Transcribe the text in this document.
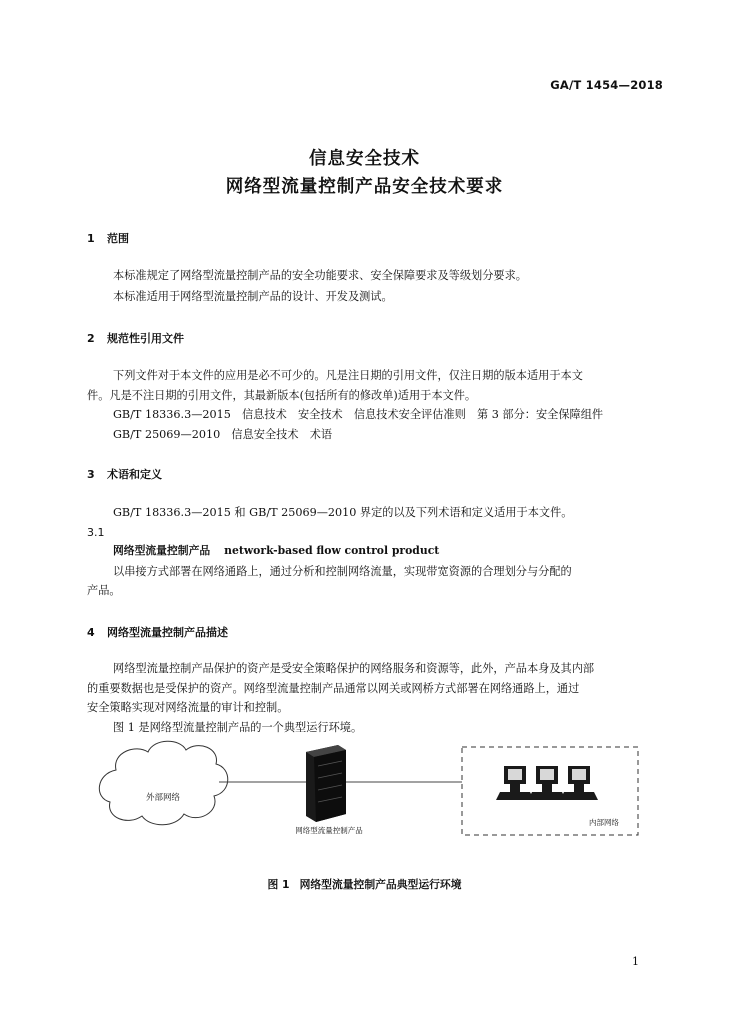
GA/T 1454—2018
信息安全技术
网络型流量控制产品安全技术要求
1 范围
本标准规定了网络型流量控制产品的安全功能要求、安全保障要求及等级划分要求。
本标准适用于网络型流量控制产品的设计、开发及测试。
2 规范性引用文件
下列文件对于本文件的应用是必不可少的。凡是注日期的引用文件，仅注日期的版本适用于本文
件。凡是不注日期的引用文件，其最新版本(包括所有的修改单)适用于本文件。
GB/T 18336.3—2015　信息技术　安全技术　信息技术安全评估准则　第 3 部分：安全保障组件
GB/T 25069—2010　信息安全技术　术语
3 术语和定义
GB/T 18336.3—2015 和 GB/T 25069—2010 界定的以及下列术语和定义适用于本文件。
3.1
网络型流量控制产品 network-based flow control product
以串接方式部署在网络通路上，通过分析和控制网络流量，实现带宽资源的合理划分与分配的
产品。
4 网络型流量控制产品描述
网络型流量控制产品保护的资产是受安全策略保护的网络服务和资源等，此外，产品本身及其内部
的重要数据也是受保护的资产。网络型流量控制产品通常以网关或网桥方式部署在网络通路上，通过
安全策略实现对网络流量的审计和控制。
图 1 是网络型流量控制产品的一个典型运行环境。
外部网络
网络型流量控制产品
内部网络
图 1 网络型流量控制产品典型运行环境
1
